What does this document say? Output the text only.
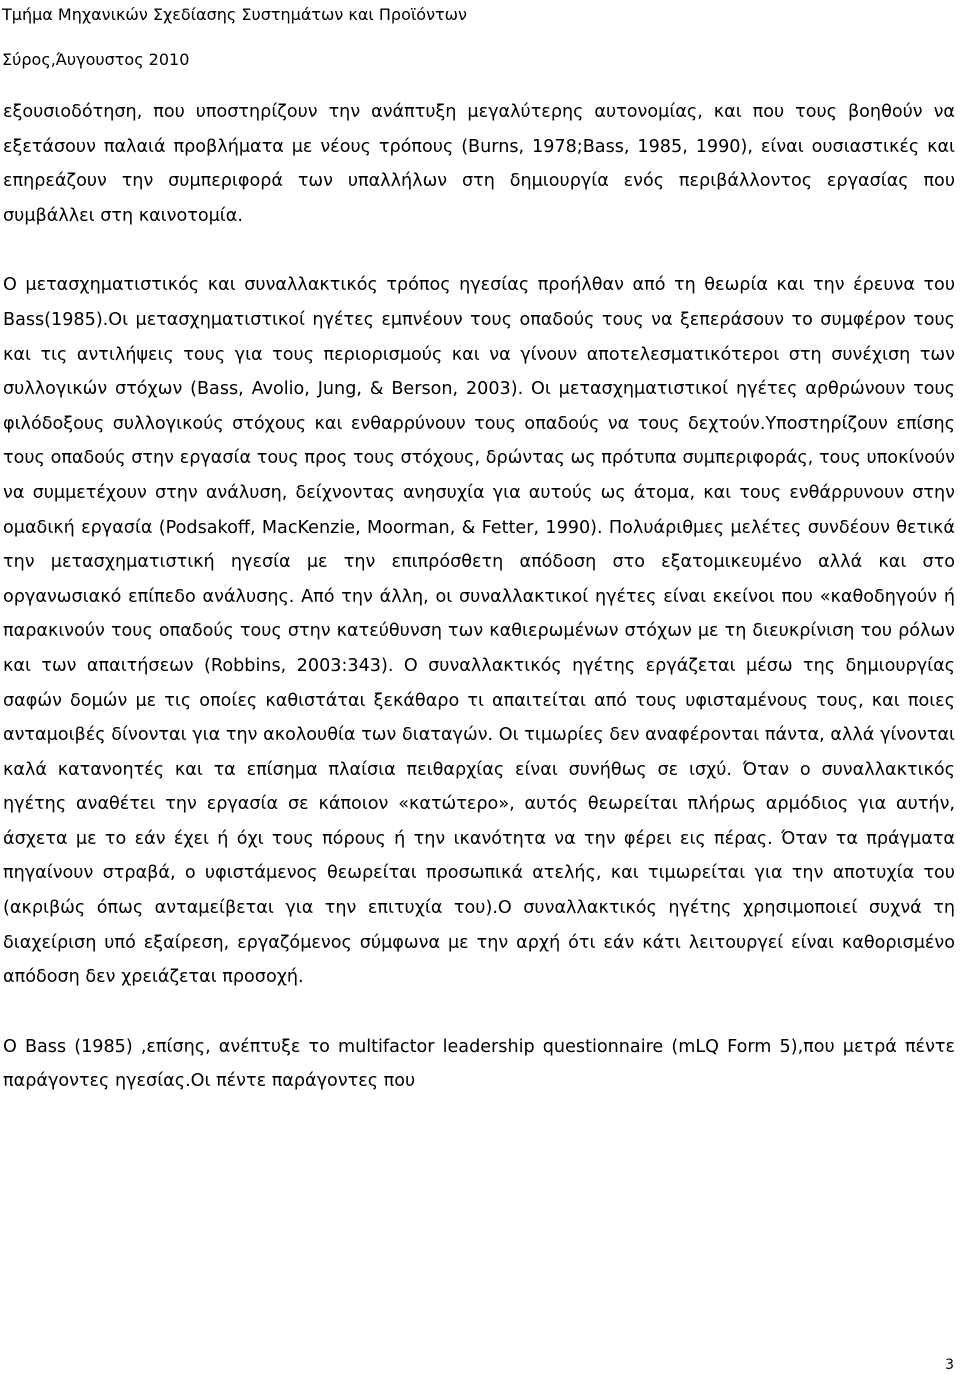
Τμήμα Μηχανικών Σχεδίασης Συστημάτων και Προϊόντων
Σύρος,Άυγουστος 2010

εξουσιοδότηση, που υποστηρίζουν την ανάπτυξη μεγαλύτερης αυτονομίας, και που τους βοηθούν να εξετάσουν παλαιά προβλήματα με νέους τρόπους (Burns, 1978;Bass, 1985, 1990), είναι ουσιαστικές και επηρεάζουν την συμπεριφορά των υπαλλήλων στη δημιουργία ενός περιβάλλοντος εργασίας που συμβάλλει στη καινοτομία.

Ο μετασχηματιστικός και συναλλακτικός τρόπος ηγεσίας προήλθαν από τη θεωρία και την έρευνα του Bass(1985).Οι μετασχηματιστικοί ηγέτες εμπνέουν τους οπαδούς τους να ξεπεράσουν το συμφέρον τους και τις αντιλήψεις τους για τους περιορισμούς και να γίνουν αποτελεσματικότεροι στη συνέχιση των συλλογικών στόχων (Bass, Avolio, Jung, & Berson, 2003). Οι μετασχηματιστικοί ηγέτες αρθρώνουν τους φιλόδοξους συλλογικούς στόχους και ενθαρρύνουν τους οπαδούς να τους δεχτούν.Υποστηρίζουν επίσης τους οπαδούς στην εργασία τους προς τους στόχους, δρώντας ως πρότυπα συμπεριφοράς, τους υποκίνούν να συμμετέχουν στην ανάλυση, δείχνοντας ανησυχία για αυτούς ως άτομα, και τους ενθάρρυνουν στην ομαδική εργασία (Podsakoff, MacKenzie, Moorman, & Fetter, 1990). Πολυάριθμες μελέτες συνδέουν θετικά την μετασχηματιστική ηγεσία με την επιπρόσθετη απόδοση στο εξατομικευμένο αλλά και στο οργανωσιακό επίπεδο ανάλυσης. Από την άλλη, οι συναλλακτικοί ηγέτες είναι εκείνοι που «καθοδηγούν ή παρακινούν τους οπαδούς τους στην κατεύθυνση των καθιερωμένων στόχων με τη διευκρίνιση του ρόλων και των απαιτήσεων (Robbins, 2003:343). Ο συναλλακτικός ηγέτης εργάζεται μέσω της δημιουργίας σαφών δομών με τις οποίες καθιστάται ξεκάθαρο τι απαιτείται από τους υφισταμένους τους, και ποιες ανταμοιβές δίνονται για την ακολουθία των διαταγών. Οι τιμωρίες δεν αναφέρονται πάντα, αλλά γίνονται καλά κατανοητές και τα επίσημα πλαίσια πειθαρχίας είναι συνήθως σε ισχύ. Όταν ο συναλλακτικός ηγέτης αναθέτει την εργασία σε κάποιον «κατώτερο», αυτός θεωρείται πλήρως αρμόδιος για αυτήν, άσχετα με το εάν έχει ή όχι τους πόρους ή την ικανότητα να την φέρει εις πέρας. Όταν τα πράγματα πηγαίνουν στραβά, ο υφιστάμενος θεωρείται προσωπικά ατελής, και τιμωρείται για την αποτυχία του (ακριβώς όπως ανταμείβεται για την επιτυχία του).Ο συναλλακτικός ηγέτης χρησιμοποιεί συχνά τη διαχείριση υπό εξαίρεση, εργαζόμενος σύμφωνα με την αρχή ότι εάν κάτι λειτουργεί είναι καθορισμένο απόδοση δεν χρειάζεται προσοχή.

Ο Bass (1985) ,επίσης, ανέπτυξε το multifactor leadership questionnaire (mLQ Form 5),που μετρά πέντε παράγοντες ηγεσίας.Οι πέντε παράγοντες που

3
